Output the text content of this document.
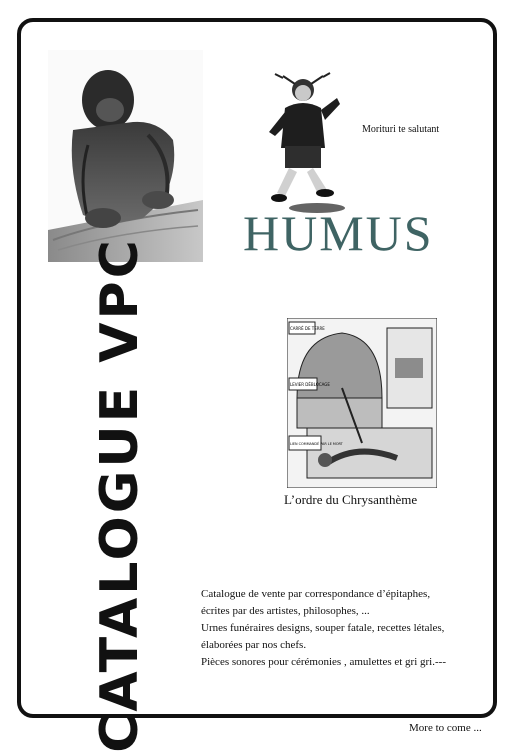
Morituri te salutant
HUMUS
CATALOGUE VPC	CARRÉ DE TERRE
LEVIER DÉBLOCAGE
LIEN COMMANDÉ PAR LE MORT
L’ordre du Chrysanthème
Catalogue de vente par correspondance d’épitaphes,
écrites par des artistes, philosophes, ...
Urnes funéraires designs, souper fatale, recettes létales,
élaborées par nos chefs.
Pièces sonores pour cérémonies , amulettes et gri gri.---
More to come ...
